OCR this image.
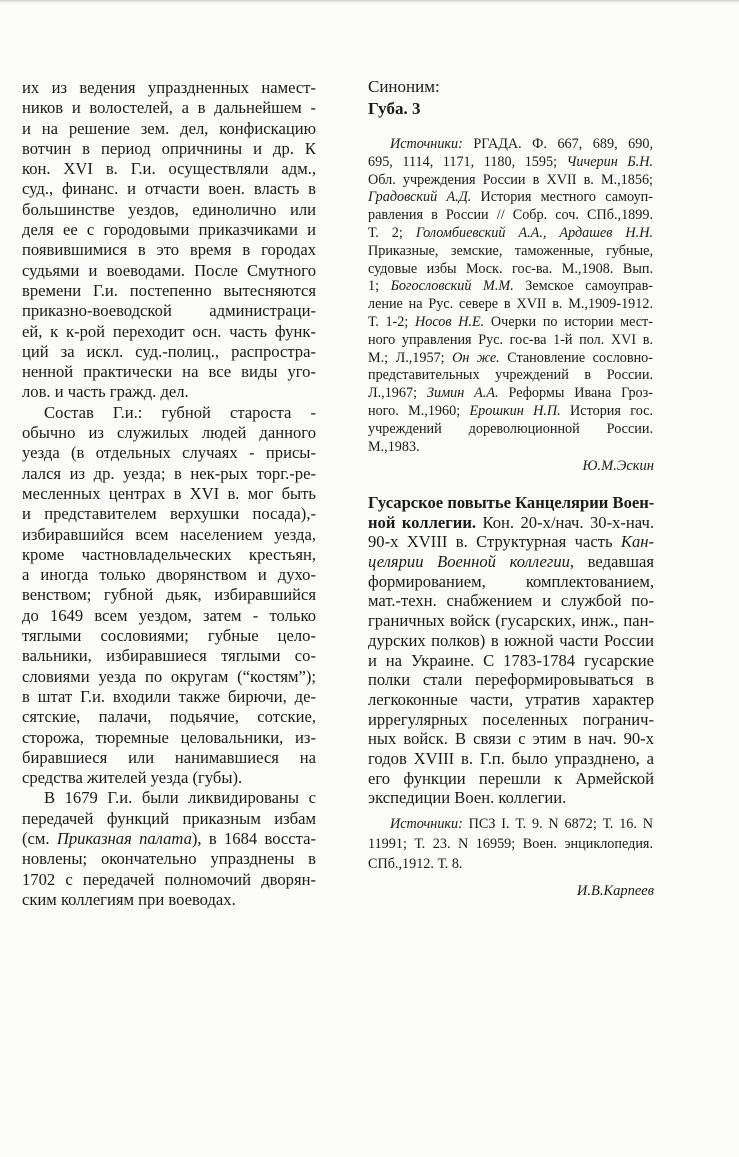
их из ведения упраздненных намест-
ников и волостелей, а в дальнейшем -
и на решение зем. дел, конфискацию
вотчин в период опричнины и др. К
кон. XVI в. Г.и. осуществляли адм.,
суд., финанс. и отчасти воен. власть в
большинстве уездов, единолично или
деля ее с городовыми приказчиками и
появившимися в это время в городах
судьями и воеводами. После Смутного
времени Г.и. постепенно вытесняются
приказно-воеводской администраци-
ей, к к-рой переходит осн. часть функ-
ций за искл. суд.-полиц., распростра-
ненной практически на все виды уго-
лов. и часть гражд. дел.
Состав Г.и.: губной староста -
обычно из служилых людей данного
уезда (в отдельных случаях - присы-
лался из др. уезда; в нек-рых торг.-ре-
месленных центрах в XVI в. мог быть
и представителем верхушки посада),-
избиравшийся всем населением уезда,
кроме частновладельческих крестьян,
а иногда только дворянством и духо-
венством; губной дьяк, избиравшийся
до 1649 всем уездом, затем - только
тяглыми сословиями; губные цело-
вальники, избиравшиеся тяглыми со-
словиями уезда по округам (“костям”);
в штат Г.и. входили также бирючи, де-
сятские, палачи, подьячие, сотские,
сторожа, тюремные целовальники, из-
биравшиеся или нанимавшиеся на
средства жителей уезда (губы).
В 1679 Г.и. были ликвидированы с
передачей функций приказным избам
(см. Приказная палата), в 1684 восста-
новлены; окончательно упразднены в
1702 с передачей полномочий дворян-
ским коллегиям при воеводах.
Синоним:
Губа. 3
Источники: РГАДА. Ф. 667, 689, 690,
695, 1114, 1171, 1180, 1595; Чичерин Б.Н.
Обл. учреждения России в XVII в. М.,1856;
Градовский А.Д. История местного самоуп-
равления в России // Собр. соч. СПб.,1899.
Т. 2; Голомбиевский А.А., Ардашев Н.Н.
Приказные, земские, таможенные, губные,
судовые избы Моск. гос-ва. М.,1908. Вып.
1; Богословский М.М. Земское самоуправ-
ление на Рус. севере в XVII в. М.,1909-1912.
Т. 1-2; Носов Н.Е. Очерки по истории мест-
ного управления Рус. гос-ва 1-й пол. XVI в.
М.; Л.,1957; Он же. Становление сословно-
представительных учреждений в России.
Л.,1967; Зимин А.А. Реформы Ивана Гроз-
ного. М.,1960; Ерошкин Н.П. История гос.
учреждений дореволюционной России.
М.,1983.
Ю.М.Эскин
Гусарское повытье Канцелярии Воен-
ной коллегии. Кон. 20-х/нач. 30-х-нач.
90-х XVIII в. Структурная часть Кан-
целярии Военной коллегии, ведавшая
формированием, комплектованием,
мат.-техн. снабжением и службой по-
граничных войск (гусарских, инж., пан-
дурских полков) в южной части России
и на Украине. С 1783-1784 гусарские
полки стали переформировываться в
легкоконные части, утратив характер
иррегулярных поселенных погранич-
ных войск. В связи с этим в нач. 90-х
годов XVIII в. Г.п. было упразднено, а
его функции перешли к Армейской
экспедиции Воен. коллегии.
Источники: ПСЗ I. Т. 9. N 6872; Т. 16. N
11991; Т. 23. N 16959; Воен. энциклопедия.
СПб.,1912. Т. 8.
И.В.Карпеев
